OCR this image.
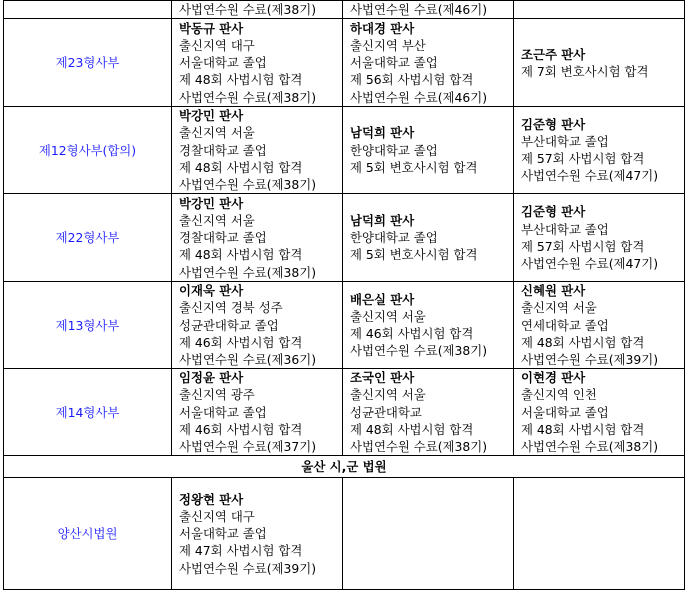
	사법연수원 수료(제38기)	사법연수원 수료(제46기)	

제23형사부	박동규 판사
출신지역 대구
서울대학교 졸업
제 48회 사법시험 합격
사법연수원 수료(제38기)	하대경 판사
출신지역 부산
서울대학교 졸업
제 56회 사법시험 합격
사법연수원 수료(제46기)	조근주 판사
제 7회 변호사시험 합격

제12형사부(합의)	박강민 판사
출신지역 서울
경찰대학교 졸업
제 48회 사법시험 합격
사법연수원 수료(제38기)	남덕희 판사
한양대학교 졸업
제 5회 변호사시험 합격	김준형 판사
부산대학교 졸업
제 57회 사법시험 합격
사법연수원 수료(제47기)

제22형사부	박강민 판사
출신지역 서울
경찰대학교 졸업
제 48회 사법시험 합격
사법연수원 수료(제38기)	남덕희 판사
한양대학교 졸업
제 5회 변호사시험 합격	김준형 판사
부산대학교 졸업
제 57회 사법시험 합격
사법연수원 수료(제47기)

제13형사부	이재욱 판사
출신지역 경북 성주
성균관대학교 졸업
제 46회 사법시험 합격
사법연수원 수료(제36기)	배은실 판사
출신지역 서울
제 46회 사법시험 합격
사법연수원 수료(제38기)	신혜원 판사
출신지역 서울
연세대학교 졸업
제 48회 사법시험 합격
사법연수원 수료(제39기)

제14형사부	임정윤 판사
출신지역 광주
서울대학교 졸업
제 46회 사법시험 합격
사법연수원 수료(제37기)	조국인 판사
출신지역 서울
성균관대학교
제 48회 사법시험 합격
사법연수원 수료(제38기)	이현경 판사
출신지역 인천
서울대학교 졸업
제 48회 사법시험 합격
사법연수원 수료(제38기)

울산 시,군 법원			
양산시법원	정왕현 판사
출신지역 대구
서울대학교 졸업
제 47회 사법시험 합격
사법연수원 수료(제39기)		
